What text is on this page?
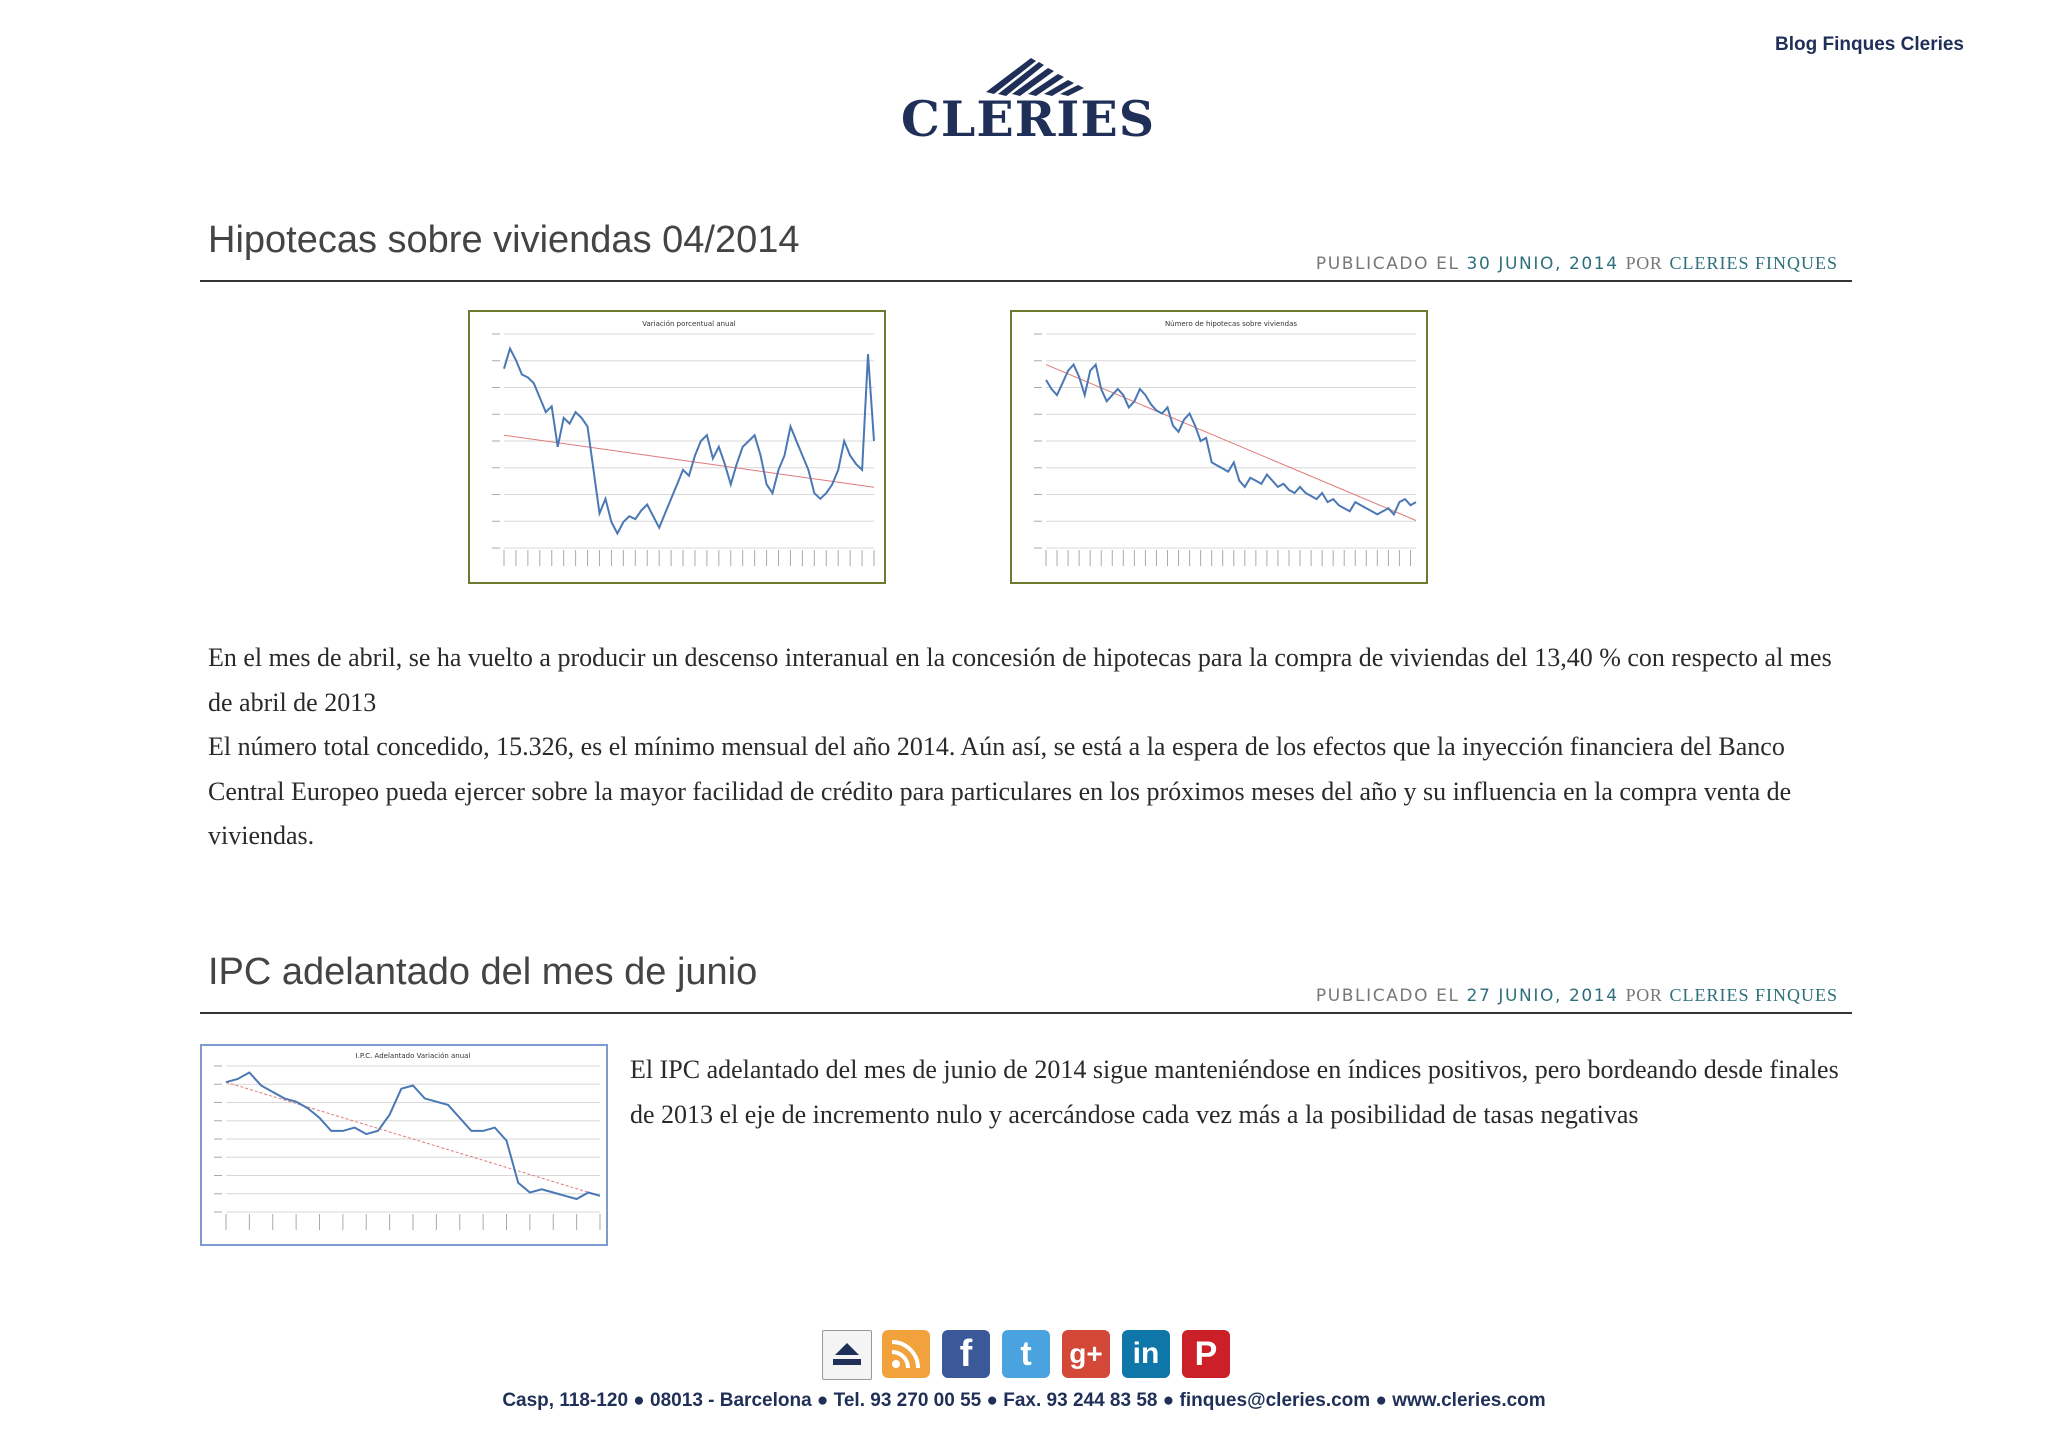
Blog Finques Cleries
CLERIES
Hipotecas sobre viviendas 04/2014
PUBLICADO EL 30 JUNIO, 2014 POR CLERIES FINQUES
Variación porcentual anual	Número de hipotecas sobre viviendas
En el mes de abril, se ha vuelto a producir un descenso interanual en la concesión de hipotecas para la compra de viviendas del 13,40 % con respecto al mes de abril de 2013
El número total concedido, 15.326, es el mínimo mensual del año 2014. Aún así, se está a la espera de los efectos que la inyección financiera del Banco Central Europeo pueda ejercer sobre la mayor facilidad de crédito para particulares en los próximos meses del año y su influencia en la compra venta de viviendas.
IPC adelantado del mes de junio
PUBLICADO EL 27 JUNIO, 2014 POR CLERIES FINQUES
I.P.C. Adelantado Variación anual	El IPC adelantado del mes de junio de 2014 sigue manteniéndose en índices positivos, pero bordeando desde finales de 2013 el eje de incremento nulo y acercándose cada vez más a la posibilidad de tasas negativas
f	t	g+ in	P
Casp, 118-120 ● 08013 - Barcelona ● Tel. 93 270 00 55 ● Fax. 93 244 83 58 ● finques@cleries.com ● www.cleries.com
